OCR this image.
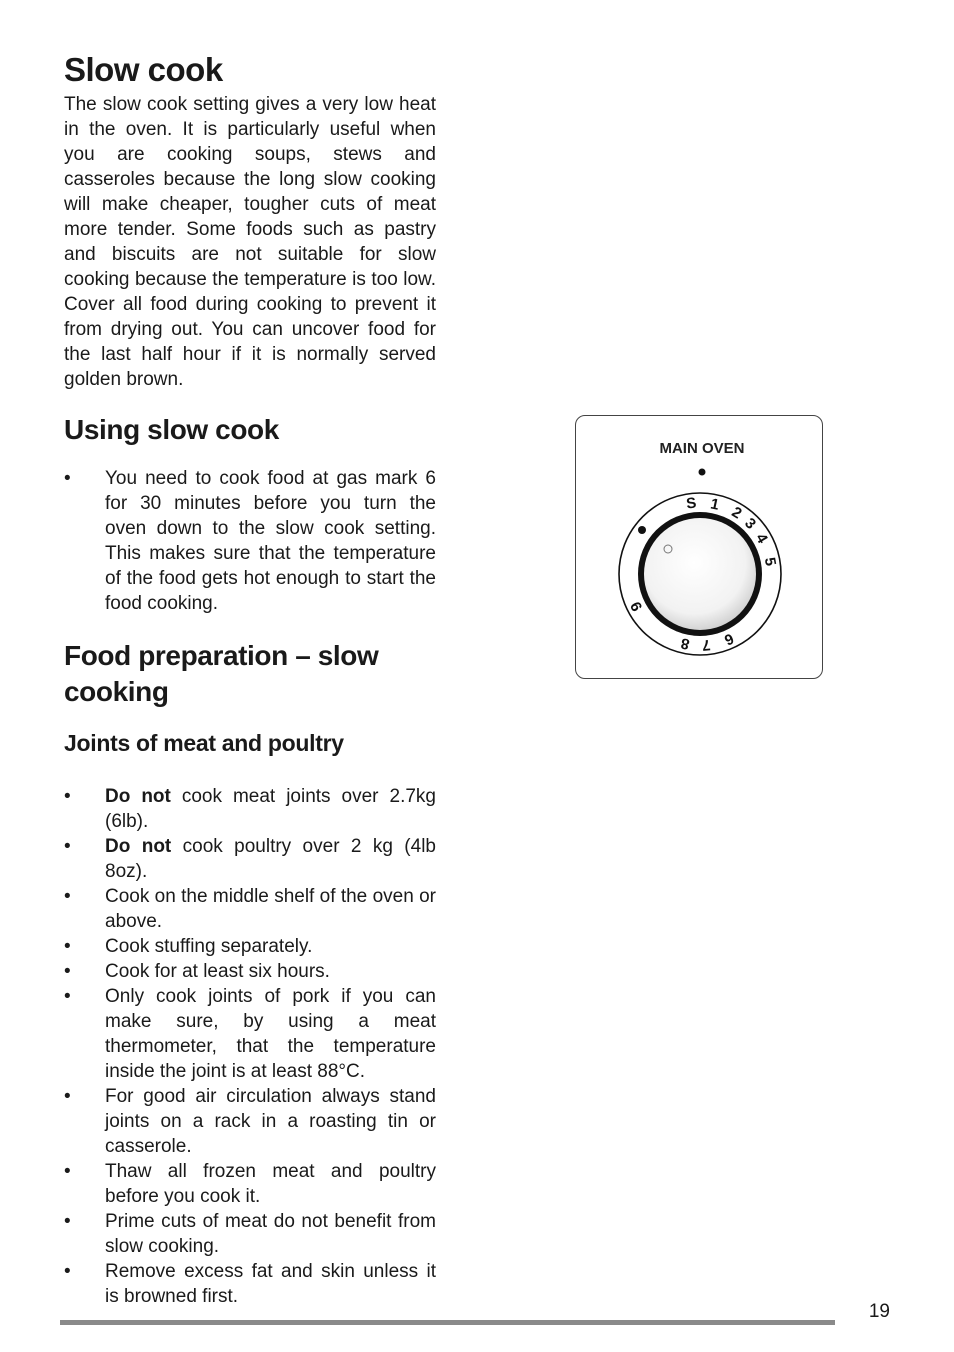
Slow cook

The slow cook setting gives a very low heat in the oven. It is particularly useful when you are cooking soups, stews and casseroles because the long slow cooking will make cheaper, tougher cuts of meat more tender. Some foods such as pastry and biscuits are not suitable for slow cooking because the temperature is too low. Cover all food during cooking to prevent it from drying out. You can uncover food for the last half hour if it is normally served golden brown.

Using slow cook
• You need to cook food at gas mark 6 for 30 minutes before you turn the oven down to the slow cook setting. This makes sure that the temperature of the food gets hot enough to start the food cooking.
Food preparation – slow cooking
Joints of meat and poultry
• Do not cook meat joints over 2.7kg (6lb).
• Do not cook poultry over 2 kg (4lb 8oz).
• Cook on the middle shelf of the oven or above.
• Cook stuffing separately.
• Cook for at least six hours.
• Only cook joints of pork if you can make sure, by using a meat thermometer, that the temperature inside the joint is at least 88°C.
• For good air circulation always stand joints on a rack in a roasting tin or casserole.
• Thaw all frozen meat and poultry before you cook it.
• Prime cuts of meat do not benefit from slow cooking.
• Remove excess fat and skin unless it is browned first.
MAIN OVEN
S 1 2
3
4
5
6
7
8
9
19
